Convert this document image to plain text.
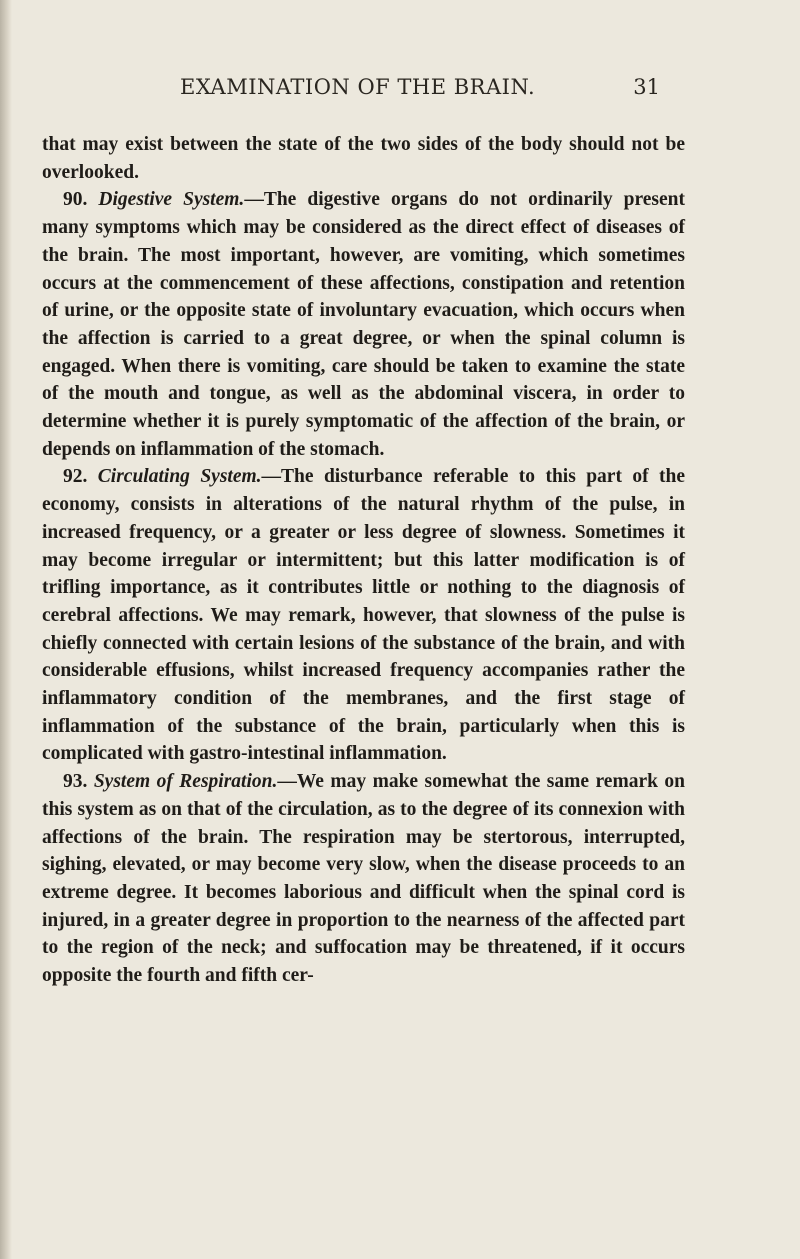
EXAMINATION OF THE BRAIN.	31

that may exist between the state of the two sides of the body should not be overlooked.

90. Digestive System.—The digestive organs do not ordinarily present many symptoms which may be considered as the direct effect of diseases of the brain. The most important, however, are vomiting, which sometimes occurs at the commencement of these affections, constipation and retention of urine, or the opposite state of involuntary evacuation, which occurs when the affection is carried to a great degree, or when the spinal column is engaged. When there is vomiting, care should be taken to examine the state of the mouth and tongue, as well as the abdominal viscera, in order to determine whether it is purely symptomatic of the affection of the brain, or depends on inflammation of the stomach.

92. Circulating System.—The disturbance referable to this part of the economy, consists in alterations of the natural rhythm of the pulse, in increased frequency, or a greater or less degree of slowness. Sometimes it may become irregular or intermittent; but this latter modification is of trifling importance, as it contributes little or nothing to the diagnosis of cerebral affections. We may remark, however, that slowness of the pulse is chiefly connected with certain lesions of the substance of the brain, and with considerable effusions, whilst increased frequency accompanies rather the inflammatory condition of the membranes, and the first stage of inflammation of the substance of the brain, particularly when this is complicated with gastro-intestinal inflammation.

93. System of Respiration.—We may make somewhat the same remark on this system as on that of the circulation, as to the degree of its connexion with affections of the brain. The respiration may be stertorous, interrupted, sighing, elevated, or may become very slow, when the disease proceeds to an extreme degree. It becomes laborious and difficult when the spinal cord is injured, in a greater degree in proportion to the nearness of the affected part to the region of the neck; and suffocation may be threatened, if it occurs opposite the fourth and fifth cer-
